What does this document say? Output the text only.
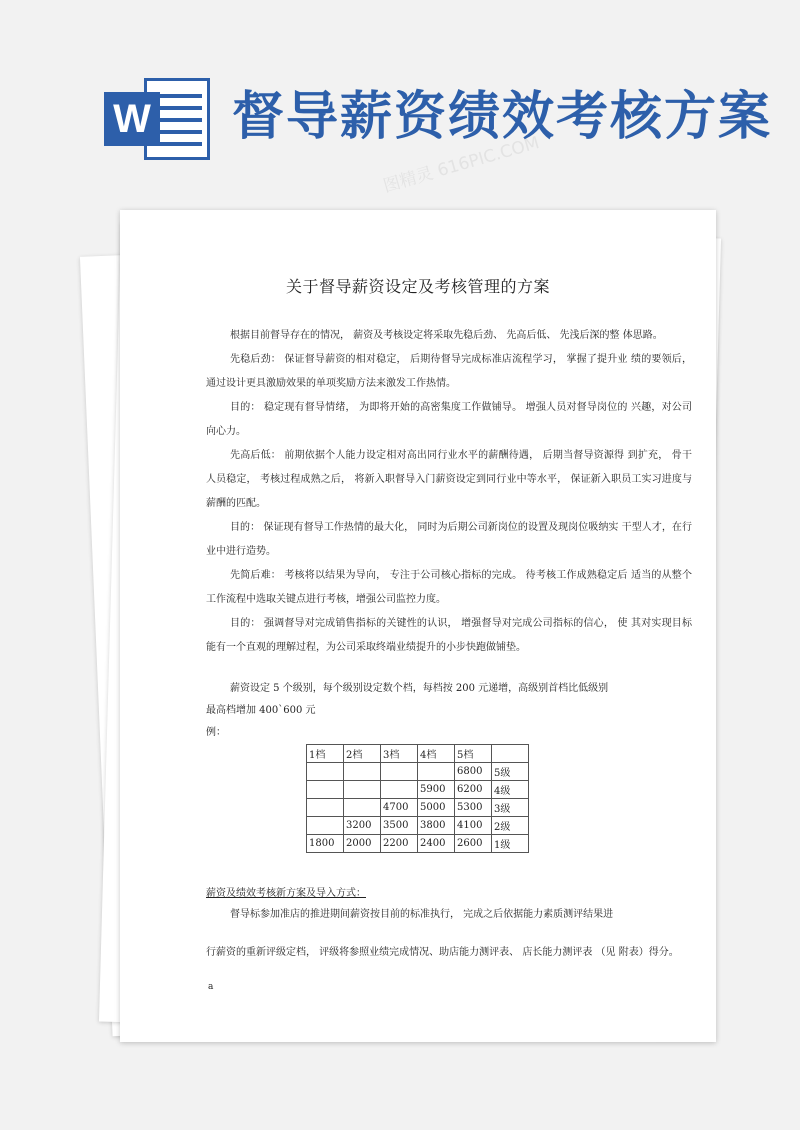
W 督导薪资绩效考核方案
关于督导薪资设定及考核管理的方案
根据目前督导存在的情况， 薪资及考核设定将采取先稳后劲、 先高后低、 先浅后深的整 体思路。
先稳后劲： 保证督导薪资的相对稳定， 后期待督导完成标准店流程学习， 掌握了提升业 绩的要领后，通过设计更具激励效果的单项奖励方法来激发工作热情。
目的： 稳定现有督导情绪， 为即将开始的高密集度工作做铺导。 增强人员对督导岗位的 兴趣，对公司向心力。
先高后低： 前期依据个人能力设定相对高出同行业水平的薪酬待遇， 后期当督导资源得 到扩充， 骨干人员稳定， 考核过程成熟之后， 将新入职督导入门薪资设定到同行业中等水平， 保证新入职员工实习进度与薪酬的匹配。
目的： 保证现有督导工作热情的最大化， 同时为后期公司新岗位的设置及现岗位吸纳实 干型人才，在行业中进行造势。
先简后难： 考核将以结果为导向， 专注于公司核心指标的完成。 待考核工作成熟稳定后 适当的从整个工作流程中选取关键点进行考核，增强公司监控力度。
目的： 强调督导对完成销售指标的关键性的认识， 增强督导对完成公司指标的信心， 使 其对实现目标能有一个直观的理解过程，为公司采取终端业绩提升的小步快跑做铺垫。
薪资设定 5 个级别，每个级别设定数个档，每档按 200 元递增，高级别首档比低级别
最高档增加 400`600 元
例：
1档	2档	3档	4档	5档	
				6800	5级
			5900	6200	4级
		4700	5000	5300	3级
	3200	3500	3800	4100	2级
1800	2000	2200	2400	2600	1级
薪资及绩效考核新方案及导入方式：
督导标参加准店的推进期间薪资按目前的标准执行， 完成之后依据能力素质测评结果进
行薪资的重新评级定档， 评级将参照业绩完成情况、助店能力测评表、 店长能力测评表 （见 附表）得分。
a
图精灵 616PIC.COM
